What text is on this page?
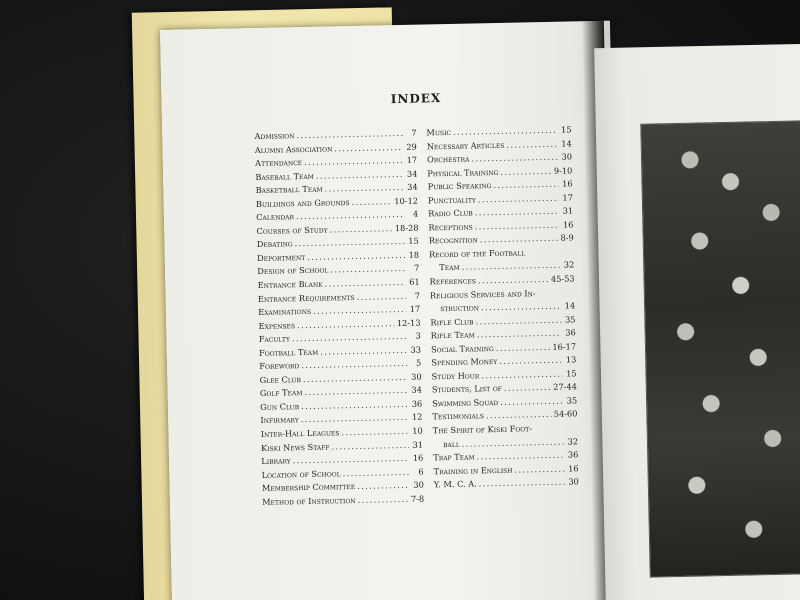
INDEX
Admission .....	7
Alumni Association .....	29
Attendance .....	17
Baseball Team .....	34
Basketball Team .....	34
Buildings and Grounds .....	10-12
Calendar .....	4
Courses of Study .....	18-28
Debating .....	15
Deportment .....	18
Design of School .....	7
Entrance Blank .....	61
Entrance Requirements .....	7
Examinations .....	17
Expenses .....	12-13
Faculty .....	3
Football Team .....	33
Foreword .....	5
Glee Club .....	30
Golf Team .....	34
Gun Club .....	36
Infirmary .....	12
Inter-Hall Leagues .....	10
Kiski News Staff .....	31
Library .....	16
Location of School .....	6
Membership Committee .....	30
Method of Instruction .....	7-8
Music .....	15
Necessary Articles .....	14
Orchestra .....	30
Physical Training .....	9-10
Public Speaking .....	16
Punctuality .....	17
Radio Club .....	31
Receptions .....	16
Recognition .....	8-9
Record of the Football
Team .....	32
References .....	45-53
Religious Services and In-
struction .....	14
Rifle Club .....	35
Rifle Team .....	36
Social Training .....	16-17
Spending Money .....	13
Study Hour .....	15
Students, List of .....	27-44
Swimming Squad .....	35
Testimonials .....	54-60
The Spirit of Kiski Foot-
ball .....	32
Trap Team .....	36
Training in English .....	16
Y. M. C. A. .....	30
